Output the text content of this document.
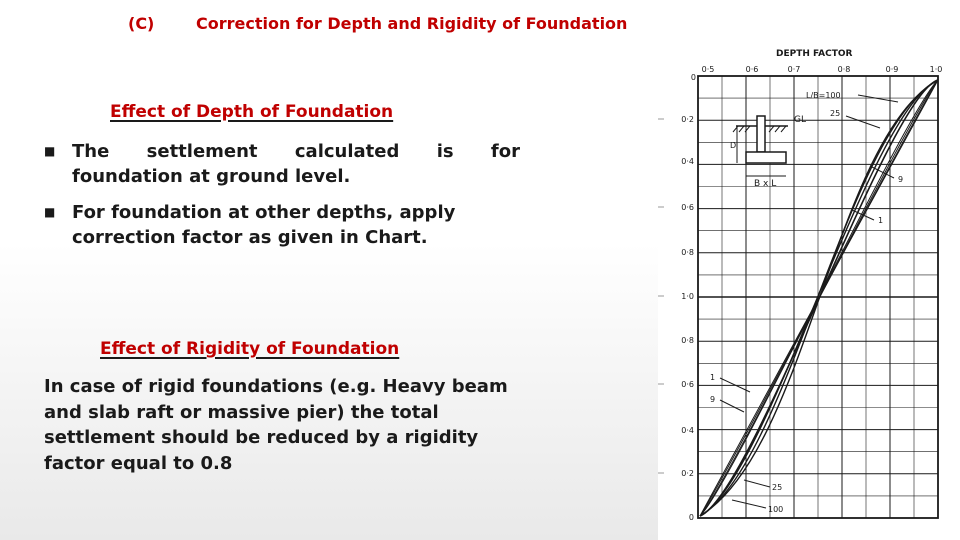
(C)	Correction for Depth and Rigidity of Foundation
Effect of Depth of Foundation
■ The settlement calculated is for
foundation at ground level.
■ For foundation at other depths, apply correction factor as given in Chart.
Effect of Rigidity of Foundation
In case of rigid foundations (e.g. Heavy beam and slab raft or massive pier) the total settlement should be reduced by a rigidity factor equal to 0.8
GL
D
B x L
DEPTH FACTOR
0·5	0·6	0·7	0·8	0·9	1·0
0
0·2
0·4
0·6
0·8
1·0
0·8
0·6
0·4
0·2
0
L/B=100
25
9
1
1
9
25
100
